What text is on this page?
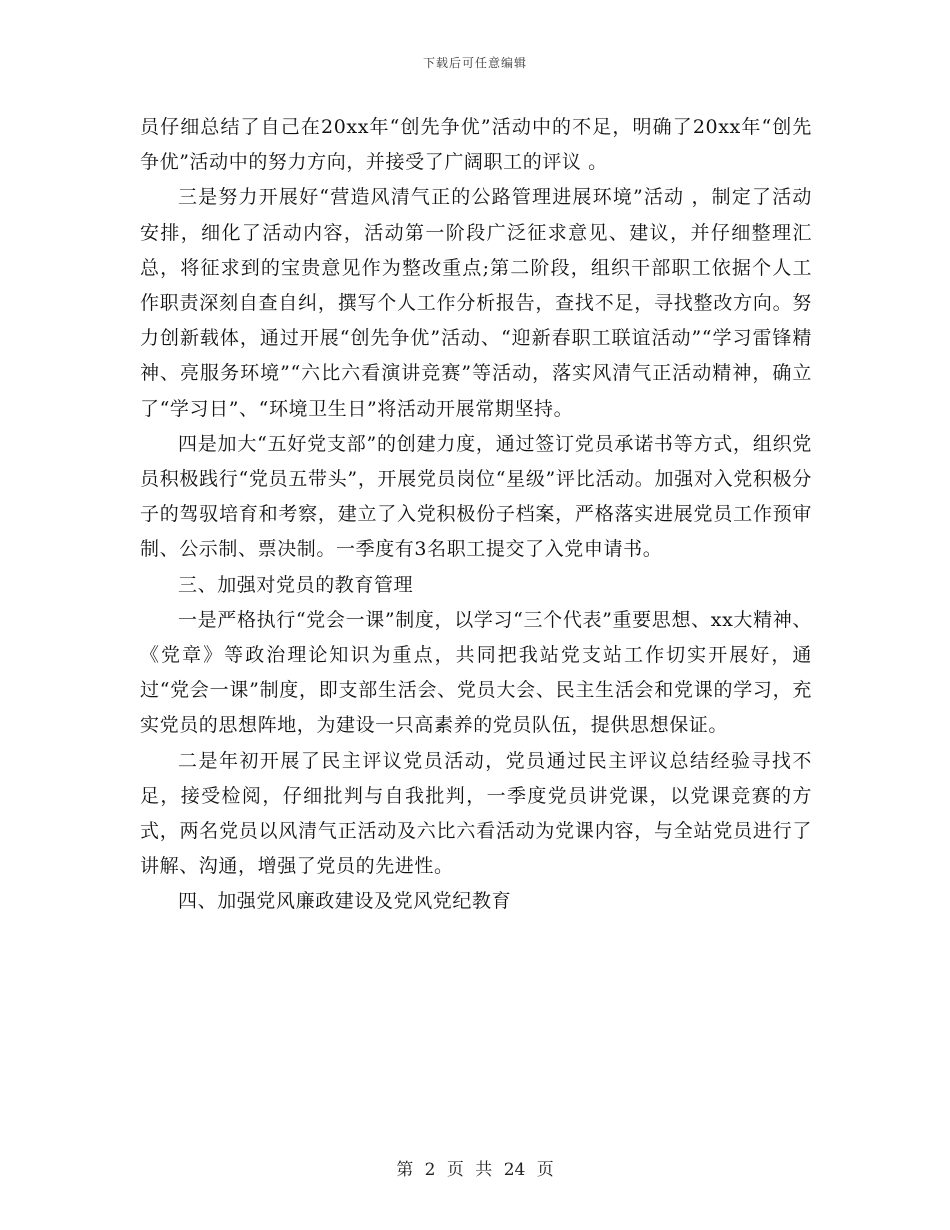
下载后可任意编辑

员仔细总结了自己在20xx年“创先争优”活动中的不足，明确了20xx年“创先争优”活动中的努力方向，并接受了广阔职工的评议 。

三是努力开展好“营造风清气正的公路管理进展环境”活动 ，制定了活动安排，细化了活动内容，活动第一阶段广泛征求意见、建议，并仔细整理汇总，将征求到的宝贵意见作为整改重点;第二阶段，组织干部职工依据个人工作职责深刻自查自纠，撰写个人工作分析报告，查找不足，寻找整改方向。努力创新载体，通过开展“创先争优”活动、“迎新春职工联谊活动”“学习雷锋精神、亮服务环境”“六比六看演讲竞赛”等活动，落实风清气正活动精神，确立了“学习日”、“环境卫生日”将活动开展常期坚持。

四是加大“五好党支部”的创建力度，通过签订党员承诺书等方式，组织党员积极践行“党员五带头”，开展党员岗位“星级”评比活动。加强对入党积极分子的驾驭培育和考察，建立了入党积极份子档案，严格落实进展党员工作预审制、公示制、票决制。一季度有3名职工提交了入党申请书。

三、加强对党员的教育管理

一是严格执行“党会一课”制度，以学习“三个代表”重要思想、xx大精神、《党章》等政治理论知识为重点，共同把我站党支站工作切实开展好，通过“党会一课”制度，即支部生活会、党员大会、民主生活会和党课的学习，充实党员的思想阵地，为建设一只高素养的党员队伍，提供思想保证。

二是年初开展了民主评议党员活动，党员通过民主评议总结经验寻找不足，接受检阅，仔细批判与自我批判，一季度党员讲党课，以党课竞赛的方式，两名党员以风清气正活动及六比六看活动为党课内容，与全站党员进行了讲解、沟通，增强了党员的先进性。

四、加强党风廉政建设及党风党纪教育

第 2 页 共 24 页
